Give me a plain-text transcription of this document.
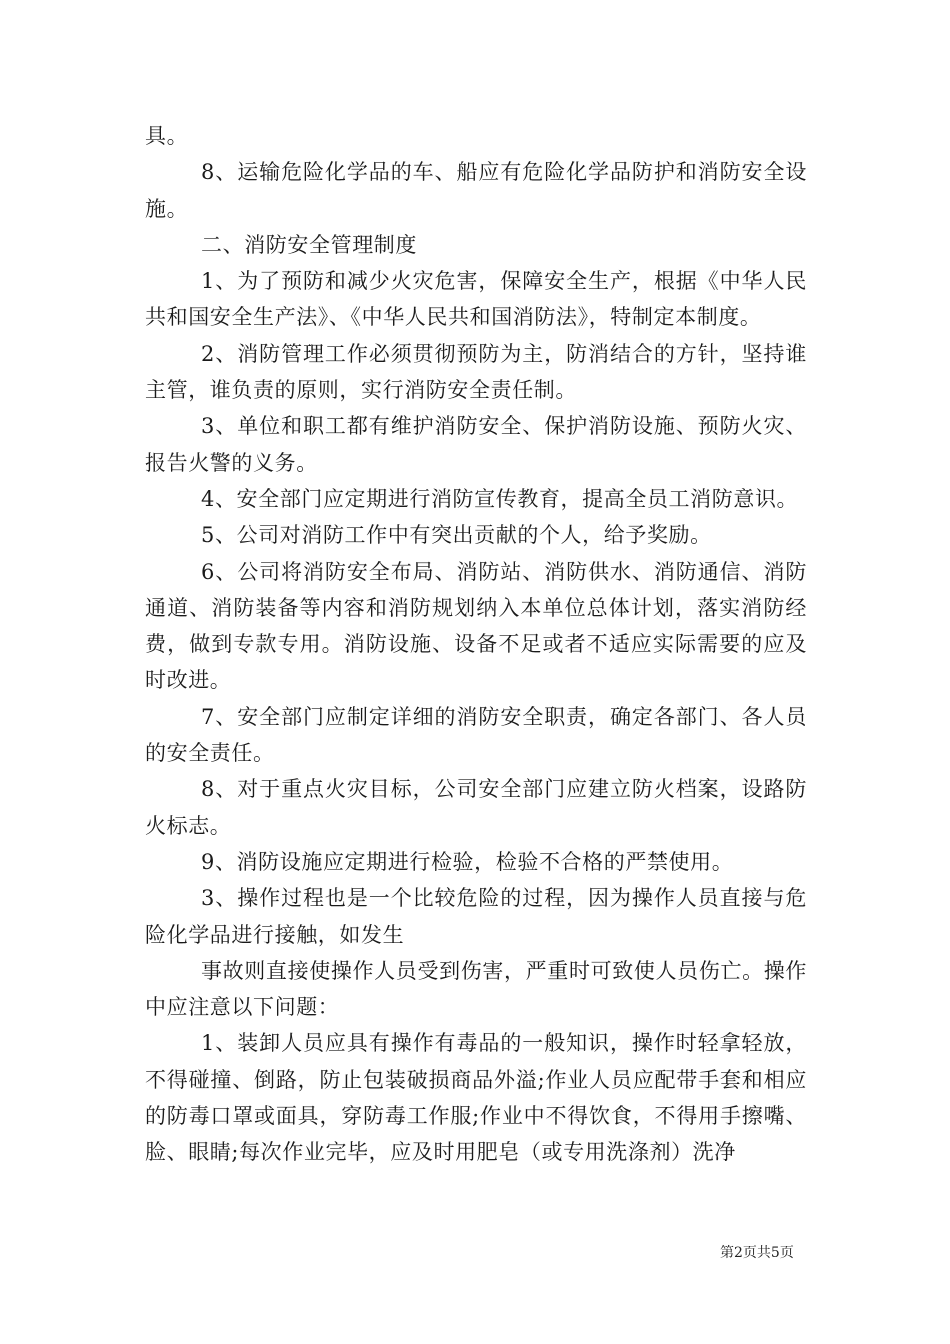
具。

8、运输危险化学品的车、船应有危险化学品防护和消防安全设施。

二、消防安全管理制度

1、为了预防和减少火灾危害，保障安全生产，根据《中华人民共和国安全生产法》、《中华人民共和国消防法》，特制定本制度。

2、消防管理工作必须贯彻预防为主，防消结合的方针，坚持谁主管，谁负责的原则，实行消防安全责任制。

3、单位和职工都有维护消防安全、保护消防设施、预防火灾、报告火警的义务。

4、安全部门应定期进行消防宣传教育，提高全员工消防意识。

5、公司对消防工作中有突出贡献的个人，给予奖励。

6、公司将消防安全布局、消防站、消防供水、消防通信、消防通道、消防装备等内容和消防规划纳入本单位总体计划，落实消防经费，做到专款专用。消防设施、设备不足或者不适应实际需要的应及时改进。

7、安全部门应制定详细的消防安全职责，确定各部门、各人员的安全责任。

8、对于重点火灾目标，公司安全部门应建立防火档案，设路防火标志。

9、消防设施应定期进行检验，检验不合格的严禁使用。

3、操作过程也是一个比较危险的过程，因为操作人员直接与危险化学品进行接触，如发生

事故则直接使操作人员受到伤害，严重时可致使人员伤亡。操作中应注意以下问题：

1、装卸人员应具有操作有毒品的一般知识，操作时轻拿轻放，不得碰撞、倒路，防止包装破损商品外溢;作业人员应配带手套和相应的防毒口罩或面具，穿防毒工作服;作业中不得饮食，不得用手擦嘴、脸、眼睛;每次作业完毕，应及时用肥皂（或专用洗涤剂）洗净

第2页共5页
